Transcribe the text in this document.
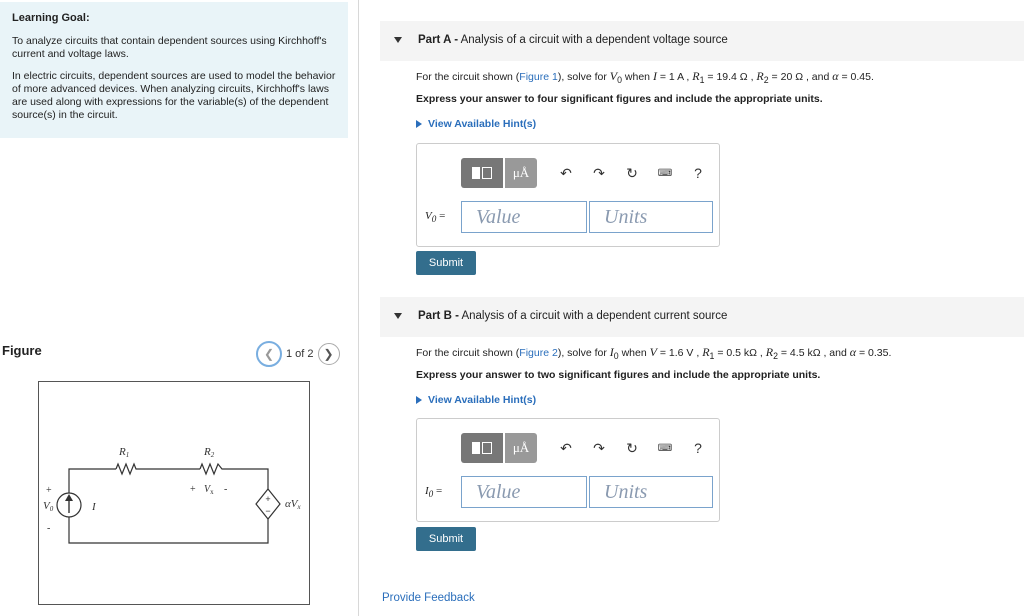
Learning Goal:

To analyze circuits that contain dependent sources using Kirchhoff's current and voltage laws.

In electric circuits, dependent sources are used to model the behavior of more advanced devices. When analyzing circuits, Kirchhoff's laws are used along with expressions for the variable(s) of the dependent source(s) in the circuit.

Figure	❮ 1 of 2 ❯
+
−
R1	R2
+ $V_x$ -
+
V0
-
I	αVx
Part A - Analysis of a circuit with a dependent voltage source
For the circuit shown (Figure 1), solve for $V_0$ when I = 1 A , $R_1 = 19.4$ Ω , $R_2 = 20$ Ω , and α = 0.45.
Express your answer to four significant figures and include the appropriate units.
View Available Hint(s)
μÅ	↶	↷	↻	⌨	?
$V_0$ =	Value	Units
Submit
Part B - Analysis of a circuit with a dependent current source
For the circuit shown (Figure 2), solve for $I_0$ when V = 1.6 V , $R_1 = 0.5$ kΩ , $R_2 = 4.5$ kΩ , and α = 0.35.
Express your answer to two significant figures and include the appropriate units.
View Available Hint(s)
μÅ	↶	↷	↻	⌨	?
$I_0$ =	Value	Units
Submit
Provide Feedback
